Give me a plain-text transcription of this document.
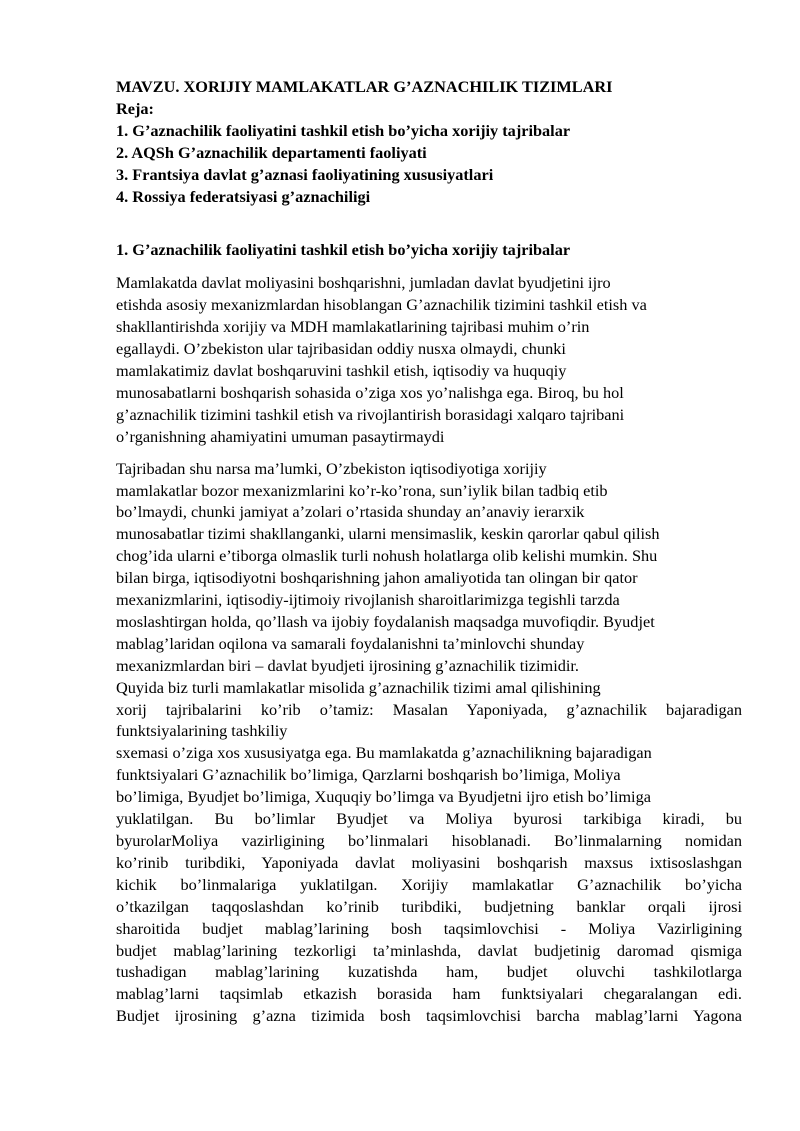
MAVZU. XORIJIY MAMLAKATLAR G’AZNACHILIK TIZIMLARI
Reja:
1. G’aznachilik faoliyatini tashkil etish bo’yicha xorijiy tajribalar
2. AQSh G’aznachilik departamenti faoliyati
3. Frantsiya davlat g’aznasi faoliyatining xususiyatlari
4. Rossiya federatsiyasi g’aznachiligi
1. G’aznachilik faoliyatini tashkil etish bo’yicha xorijiy tajribalar
Mamlakatda davlat moliyasini boshqarishni, jumladan davlat byudjetini ijro
etishda asosiy mexanizmlardan hisoblangan G’aznachilik tizimini tashkil etish va
shakllantirishda xorijiy va MDH mamlakatlarining tajribasi muhim o’rin
egallaydi. O’zbekiston ular tajribasidan oddiy nusxa olmaydi, chunki
mamlakatimiz davlat boshqaruvini tashkil etish, iqtisodiy va huquqiy
munosabatlarni boshqarish sohasida o’ziga xos yo’nalishga ega. Biroq, bu hol
g’aznachilik tizimini tashkil etish va rivojlantirish borasidagi xalqaro tajribani
o’rganishning ahamiyatini umuman pasaytirmaydi
Tajribadan shu narsa ma’lumki, O’zbekiston iqtisodiyotiga xorijiy
mamlakatlar bozor mexanizmlarini ko’r-ko’rona, sun’iylik bilan tadbiq etib
bo’lmaydi, chunki jamiyat a’zolari o’rtasida shunday an’anaviy ierarxik
munosabatlar tizimi shakllanganki, ularni mensimaslik, keskin qarorlar qabul qilish
chog’ida ularni e’tiborga olmaslik turli nohush holatlarga olib kelishi mumkin. Shu
bilan birga, iqtisodiyotni boshqarishning jahon amaliyotida tan olingan bir qator
mexanizmlarini, iqtisodiy-ijtimoiy rivojlanish sharoitlarimizga tegishli tarzda
moslashtirgan holda, qo’llash va ijobiy foydalanish maqsadga muvofiqdir. Byudjet
mablag’laridan oqilona va samarali foydalanishni ta’minlovchi shunday
mexanizmlardan biri – davlat byudjeti ijrosining g’aznachilik tizimidir.
Quyida biz turli mamlakatlar misolida g’aznachilik tizimi amal qilishining
xorij tajribalarini ko’rib o’tamiz: Masalan Yaponiyada, g’aznachilik bajaradigan
funktsiyalarining tashkiliy
sxemasi o’ziga xos xususiyatga ega. Bu mamlakatda g’aznachilikning bajaradigan
funktsiyalari G’aznachilik bo’limiga, Qarzlarni boshqarish bo’limiga, Moliya
bo’limiga, Byudjet bo’limiga, Xuquqiy bo’limga va Byudjetni ijro etish bo’limiga
yuklatilgan. Bu bo’limlar Byudjet va Moliya byurosi tarkibiga kiradi, bu
byurolarMoliya vazirligining bo’linmalari hisoblanadi. Bo’linmalarning nomidan
ko’rinib turibdiki, Yaponiyada davlat moliyasini boshqarish maxsus ixtisoslashgan
kichik bo’linmalariga yuklatilgan. Xorijiy mamlakatlar G’aznachilik bo’yicha
o’tkazilgan taqqoslashdan ko’rinib turibdiki, budjetning banklar orqali ijrosi
sharoitida budjet mablag’larining bosh taqsimlovchisi - Moliya Vazirligining
budjet mablag’larining tezkorligi ta’minlashda, davlat budjetinig daromad qismiga
tushadigan mablag’larining kuzatishda ham, budjet oluvchi tashkilotlarga
mablag’larni taqsimlab etkazish borasida ham funktsiyalari chegaralangan edi.
Budjet ijrosining g’azna tizimida bosh taqsimlovchisi barcha mablag’larni Yagona
